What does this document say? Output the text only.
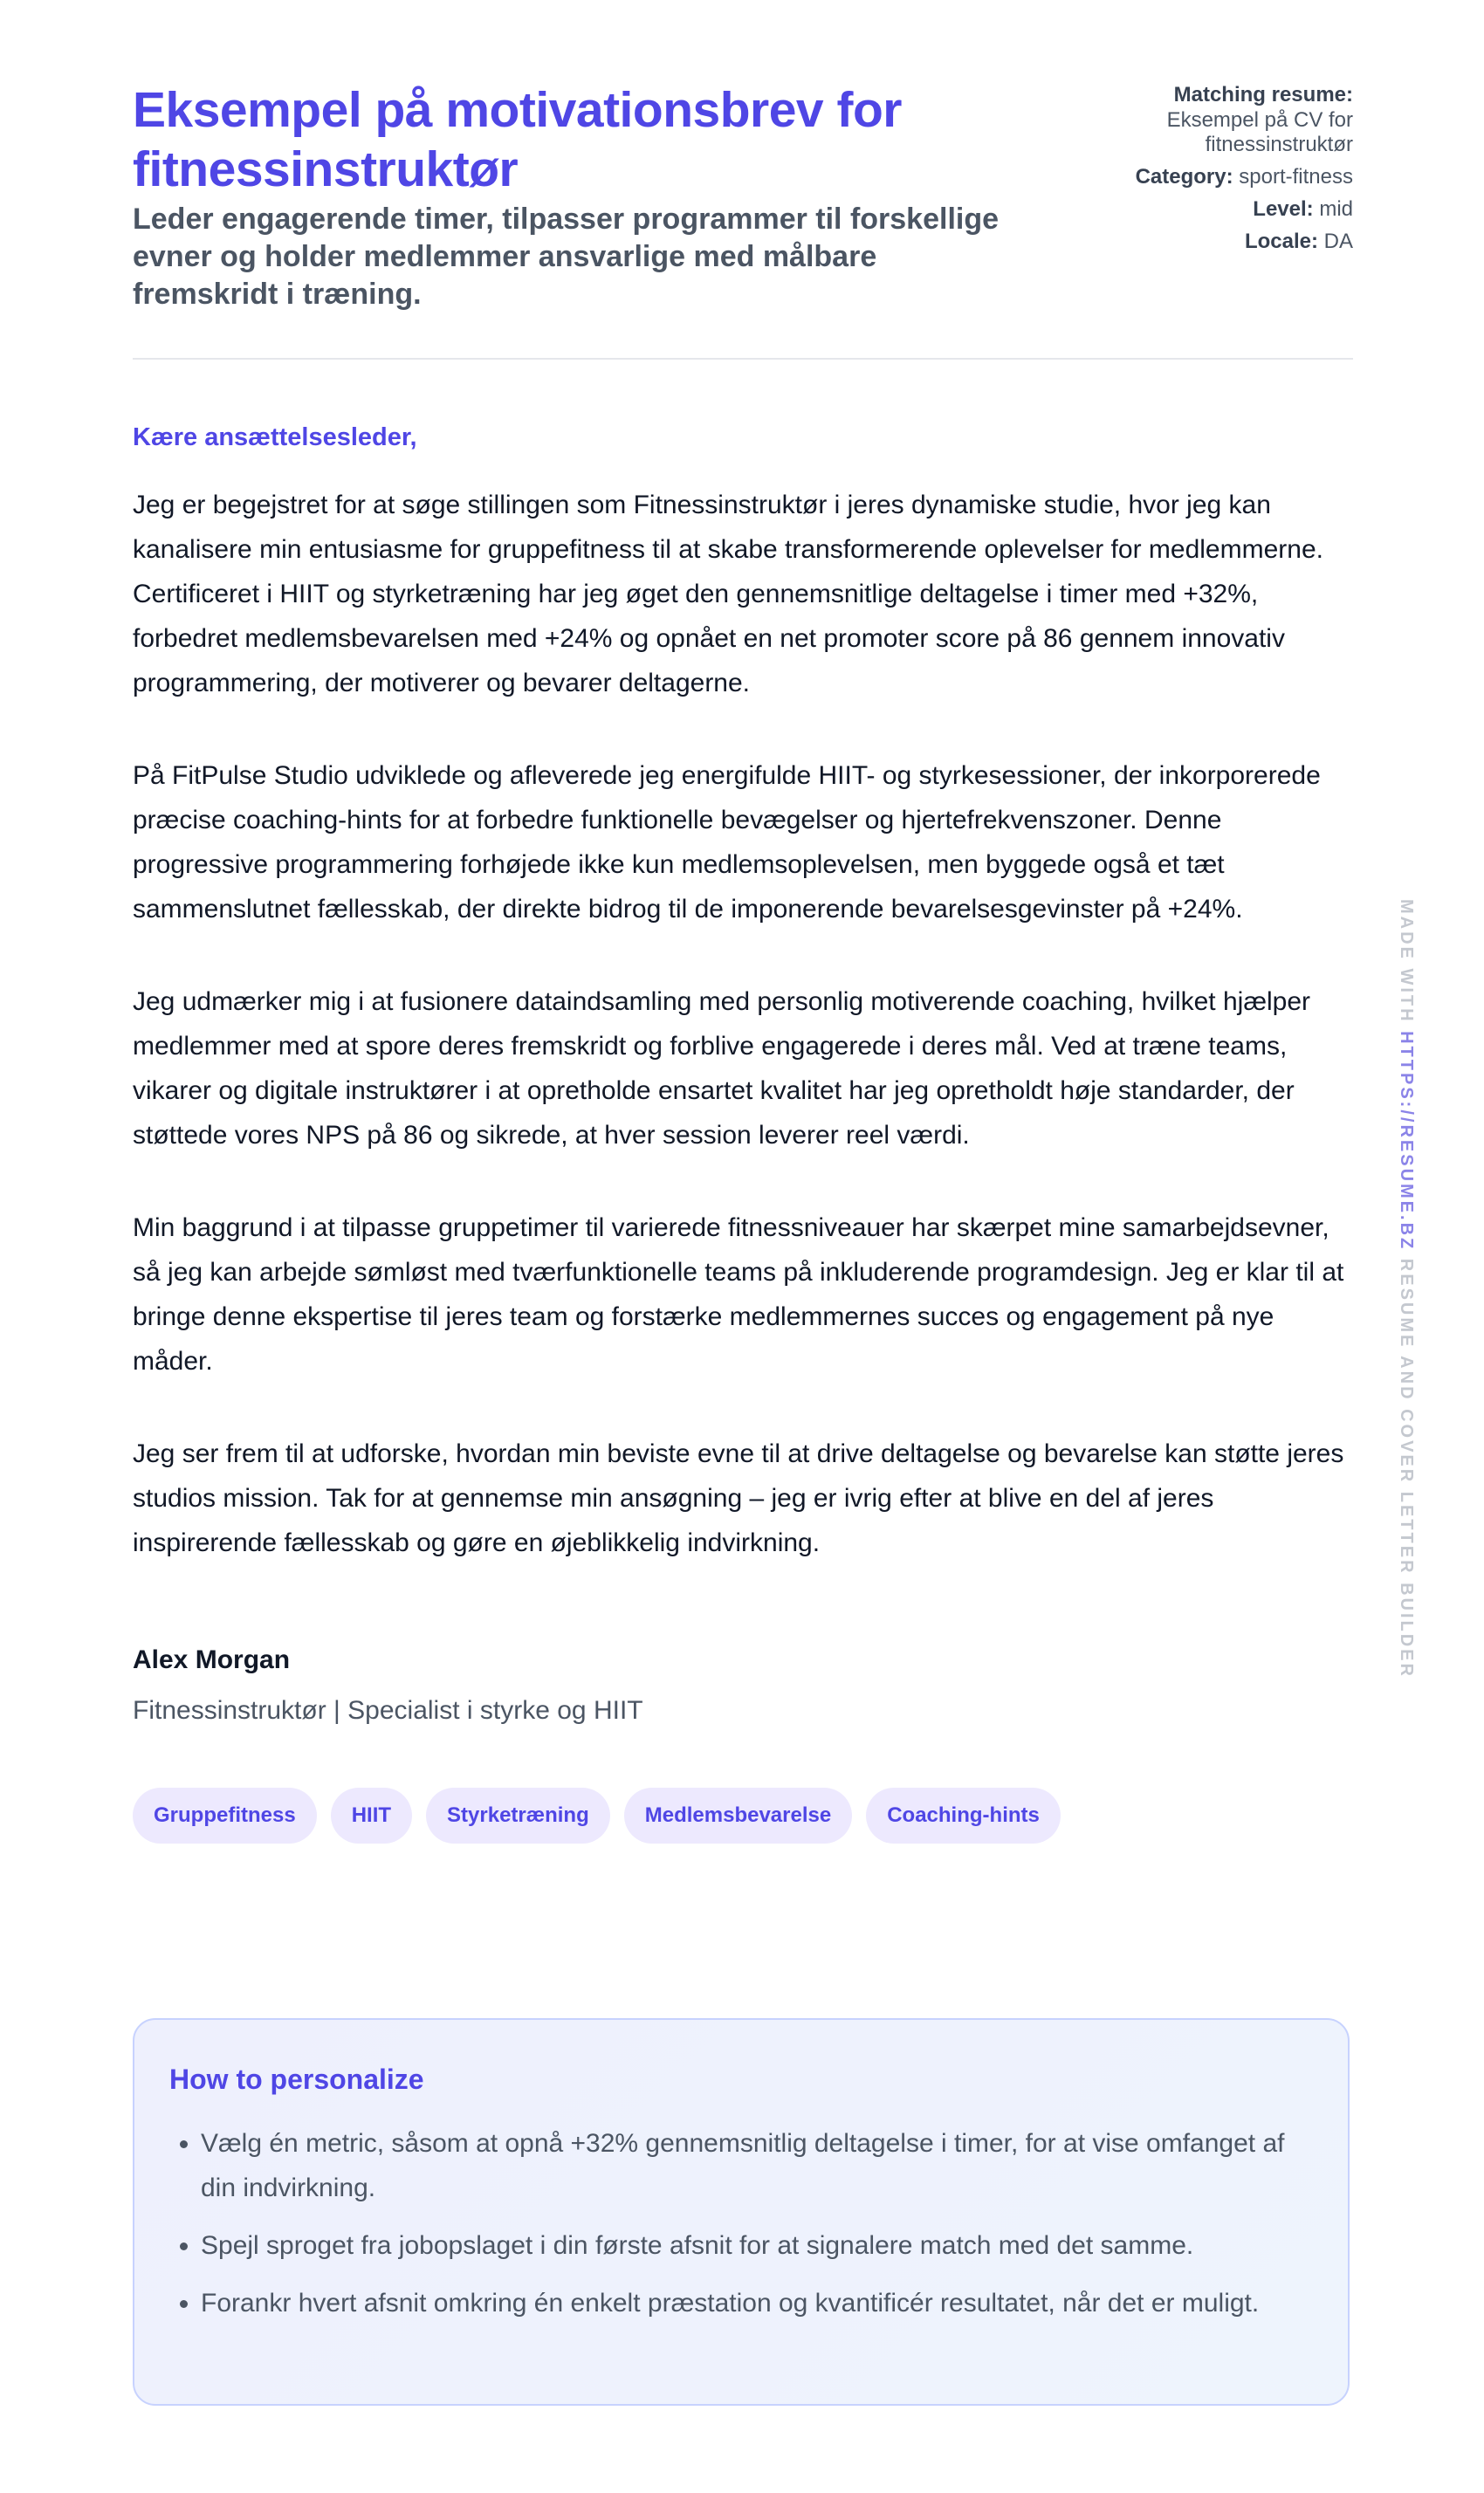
Eksempel på motivationsbrev for fitnessinstruktør

Leder engagerende timer, tilpasser programmer til forskellige evner og holder medlemmer ansvarlige med målbare fremskridt i træning.

Matching resume:
Eksempel på CV for fitnessinstruktør
Category: sport-fitness
Level: mid
Locale: DA

Kære ansættelsesleder,

Jeg er begejstret for at søge stillingen som Fitnessinstruktør i jeres dynamiske studie, hvor jeg kan kanalisere min entusiasme for gruppefitness til at skabe transformerende oplevelser for medlemmerne. Certificeret i HIIT og styrketræning har jeg øget den gennemsnitlige deltagelse i timer med +32%, forbedret medlemsbevarelsen med +24% og opnået en net promoter score på 86 gennem innovativ programmering, der motiverer og bevarer deltagerne.

På FitPulse Studio udviklede og afleverede jeg energifulde HIIT- og styrkesessioner, der inkorporerede præcise coaching-hints for at forbedre funktionelle bevægelser og hjertefrekvenszoner. Denne progressive programmering forhøjede ikke kun medlemsoplevelsen, men byggede også et tæt sammenslutnet fællesskab, der direkte bidrog til de imponerende bevarelsesgevinster på +24%.

Jeg udmærker mig i at fusionere dataindsamling med personlig motiverende coaching, hvilket hjælper medlemmer med at spore deres fremskridt og forblive engagerede i deres mål. Ved at træne teams, vikarer og digitale instruktører i at opretholde ensartet kvalitet har jeg opretholdt høje standarder, der støttede vores NPS på 86 og sikrede, at hver session leverer reel værdi.

Min baggrund i at tilpasse gruppetimer til varierede fitnessniveauer har skærpet mine samarbejdsevner, så jeg kan arbejde sømløst med tværfunktionelle teams på inkluderende programdesign. Jeg er klar til at bringe denne ekspertise til jeres team og forstærke medlemmernes succes og engagement på nye måder.

Jeg ser frem til at udforske, hvordan min beviste evne til at drive deltagelse og bevarelse kan støtte jeres studios mission. Tak for at gennemse min ansøgning – jeg er ivrig efter at blive en del af jeres inspirerende fællesskab og gøre en øjeblikkelig indvirkning.

Alex Morgan
Fitnessinstruktør | Specialist i styrke og HIIT
Gruppefitness	HIIT	Styrketræning	Medlemsbevarelse	Coaching-hints
How to personalize
• Vælg én metric, såsom at opnå +32% gennemsnitlig deltagelse i timer, for at vise omfanget af din indvirkning.
• Spejl sproget fra jobopslaget i din første afsnit for at signalere match med det samme.
• Forankr hvert afsnit omkring én enkelt præstation og kvantificér resultatet, når det er muligt.
MADE WITH HTTPS://RESUME.BZ RESUME AND COVER LETTER BUILDER
